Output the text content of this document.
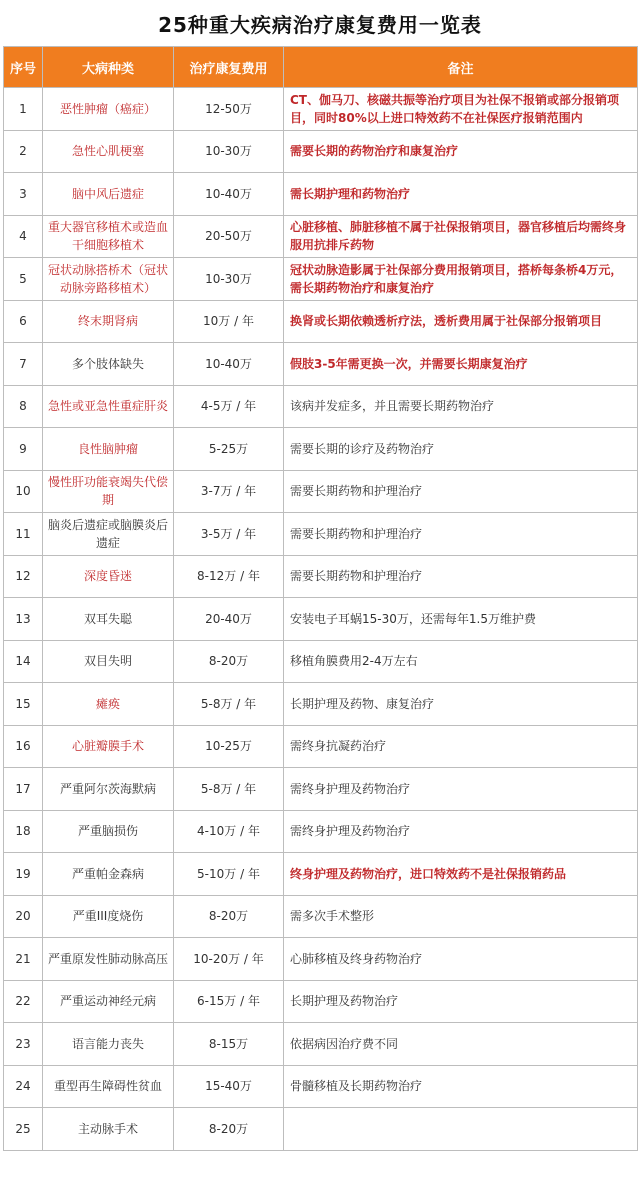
25种重大疾病治疗康复费用一览表
序号	大病种类	治疗康复费用	备注
1	恶性肿瘤（癌症）	12-50万	CT、伽马刀、核磁共振等治疗项目为社保不报销或部分报销项目，同时80%以上进口特效药不在社保医疗报销范围内
2	急性心肌梗塞	10-30万	需要长期的药物治疗和康复治疗
3	脑中风后遗症	10-40万	需长期护理和药物治疗
4	重大器官移植术或造血干细胞移植术	20-50万	心脏移植、肺脏移植不属于社保报销项目，器官移植后均需终身服用抗排斥药物
5	冠状动脉搭桥术（冠状动脉旁路移植术）	10-30万	冠状动脉造影属于社保部分费用报销项目，搭桥每条桥4万元，需长期药物治疗和康复治疗
6	终末期肾病	10万 / 年	换肾或长期依赖透析疗法，透析费用属于社保部分报销项目
7	多个肢体缺失	10-40万	假肢3-5年需更换一次，并需要长期康复治疗
8	急性或亚急性重症肝炎	4-5万 / 年	该病并发症多，并且需要长期药物治疗
9	良性脑肿瘤	5-25万	需要长期的诊疗及药物治疗
10	慢性肝功能衰竭失代偿期	3-7万 / 年	需要长期药物和护理治疗
11	脑炎后遗症或脑膜炎后遗症	3-5万 / 年	需要长期药物和护理治疗
12	深度昏迷	8-12万 / 年	需要长期药物和护理治疗
13	双耳失聪	20-40万	安装电子耳蜗15-30万，还需每年1.5万维护费
14	双目失明	8-20万	移植角膜费用2-4万左右
15	瘫痪	5-8万 / 年	长期护理及药物、康复治疗
16	心脏瓣膜手术	10-25万	需终身抗凝药治疗
17	严重阿尔茨海默病	5-8万 / 年	需终身护理及药物治疗
18	严重脑损伤	4-10万 / 年	需终身护理及药物治疗
19	严重帕金森病	5-10万 / 年	终身护理及药物治疗，进口特效药不是社保报销药品
20	严重III度烧伤	8-20万	需多次手术整形
21	严重原发性肺动脉高压	10-20万 / 年	心肺移植及终身药物治疗
22	严重运动神经元病	6-15万 / 年	长期护理及药物治疗
23	语言能力丧失	8-15万	依据病因治疗费不同
24	重型再生障碍性贫血	15-40万	骨髓移植及长期药物治疗
25	主动脉手术	8-20万	
